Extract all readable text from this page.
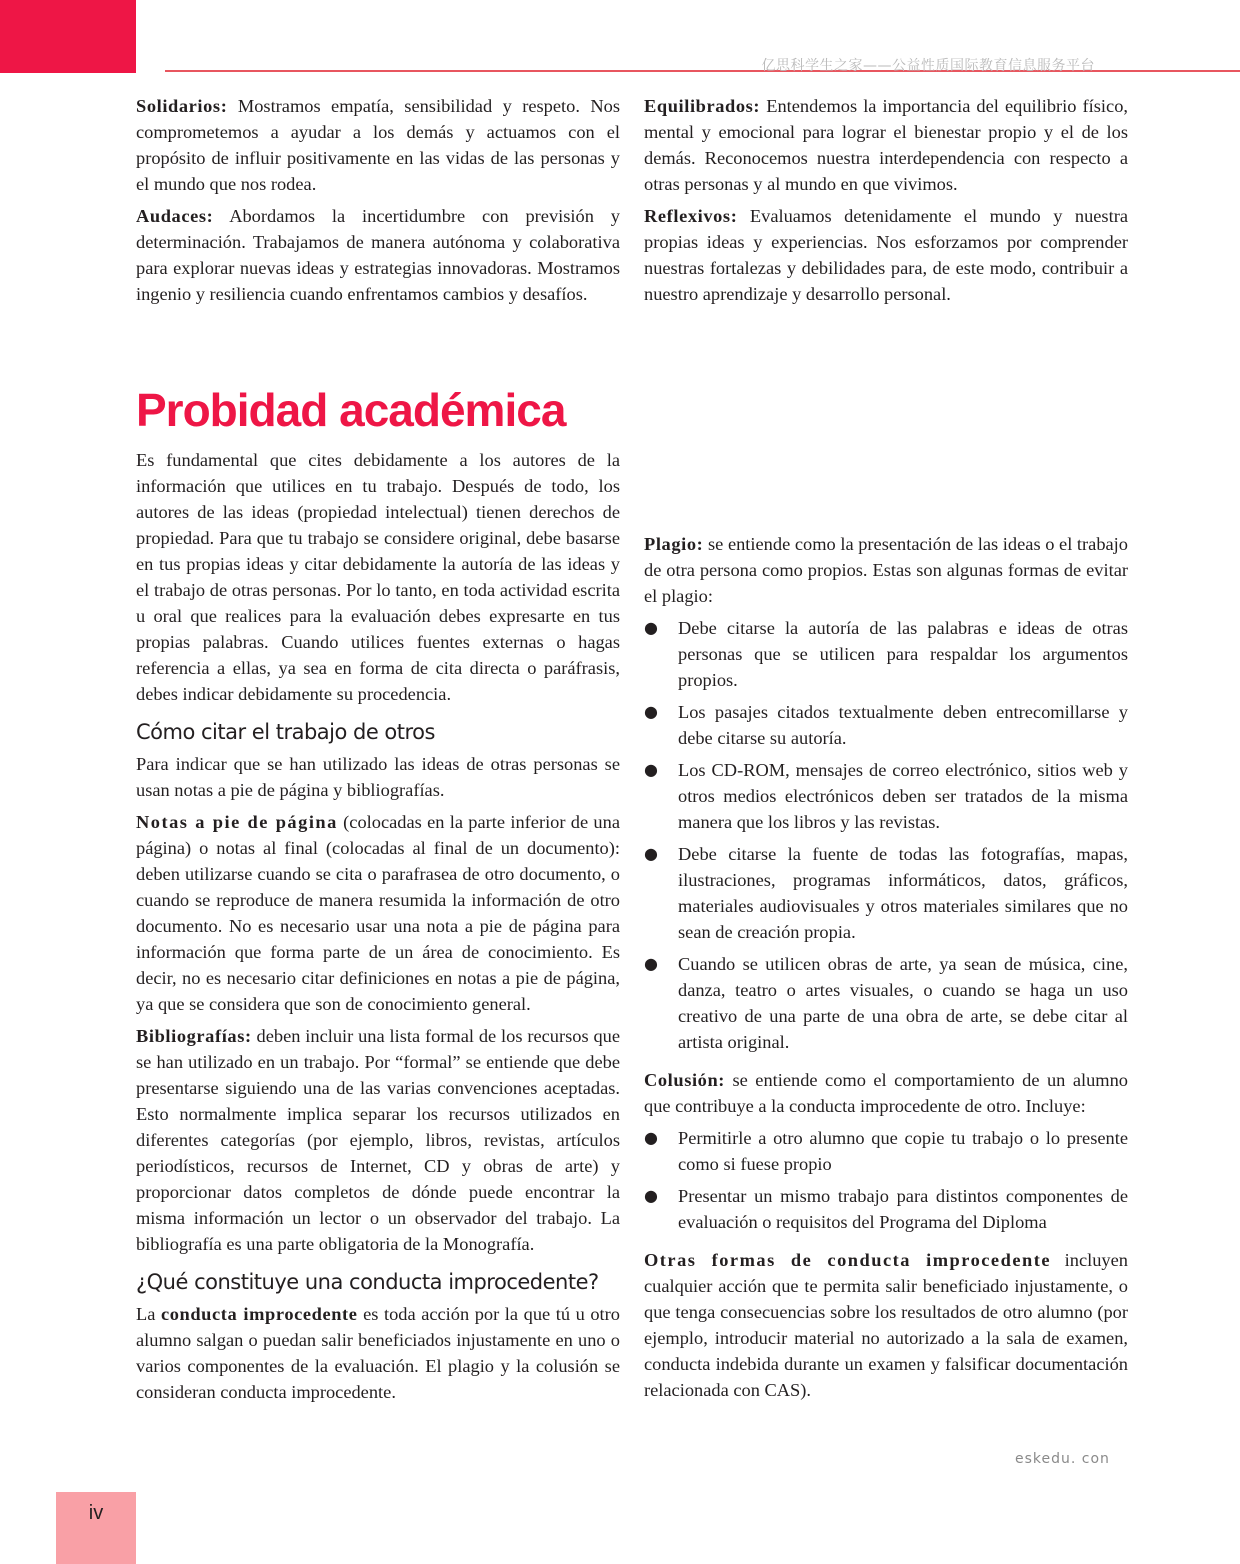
亿思科学生之家——公益性质国际教育信息服务平台

Solidarios: Mostramos empatía, sensibilidad y respeto. Nos comprometemos a ayudar a los demás y actuamos con el propósito de influir positivamente en las vidas de las personas y el mundo que nos rodea.

Audaces: Abordamos la incertidumbre con previsión y determinación. Trabajamos de manera autónoma y colaborativa para explorar nuevas ideas y estrategias innovadoras. Mostramos ingenio y resiliencia cuando enfrentamos cambios y desafíos.

Equilibrados: Entendemos la importancia del equilibrio físico, mental y emocional para lograr el bienestar propio y el de los demás. Reconocemos nuestra interdependencia con respecto a otras personas y al mundo en que vivimos.

Reflexivos: Evaluamos detenidamente el mundo y nuestra propias ideas y experiencias. Nos esforzamos por comprender nuestras fortalezas y debilidades para, de este modo, contribuir a nuestro aprendizaje y desarrollo personal.

Probidad académica

Es fundamental que cites debidamente a los autores de la información que utilices en tu trabajo. Después de todo, los autores de las ideas (propiedad intelectual) tienen derechos de propiedad. Para que tu trabajo se considere original, debe basarse en tus propias ideas y citar debidamente la autoría de las ideas y el trabajo de otras personas. Por lo tanto, en toda actividad escrita u oral que realices para la evaluación debes expresarte en tus propias palabras. Cuando utilices fuentes externas o hagas referencia a ellas, ya sea en forma de cita directa o paráfrasis, debes indicar debidamente su procedencia.

Cómo citar el trabajo de otros

Para indicar que se han utilizado las ideas de otras personas se usan notas a pie de página y bibliografías.

Notas a pie de página (colocadas en la parte inferior de una página) o notas al final (colocadas al final de un documento): deben utilizarse cuando se cita o parafrasea de otro documento, o cuando se reproduce de manera resumida la información de otro documento. No es necesario usar una nota a pie de página para información que forma parte de un área de conocimiento. Es decir, no es necesario citar definiciones en notas a pie de página, ya que se considera que son de conocimiento general.

Bibliografías: deben incluir una lista formal de los recursos que se han utilizado en un trabajo. Por “formal” se entiende que debe presentarse siguiendo una de las varias convenciones aceptadas. Esto normalmente implica separar los recursos utilizados en diferentes categorías (por ejemplo, libros, revistas, artículos periodísticos, recursos de Internet, CD y obras de arte) y proporcionar datos completos de dónde puede encontrar la misma información un lector o un observador del trabajo. La bibliografía es una parte obligatoria de la Monografía.

¿Qué constituye una conducta improcedente?

La conducta improcedente es toda acción por la que tú u otro alumno salgan o puedan salir beneficiados injustamente en uno o varios componentes de la evaluación. El plagio y la colusión se consideran conducta improcedente.

Plagio: se entiende como la presentación de las ideas o el trabajo de otra persona como propios. Estas son algunas formas de evitar el plagio:

● Debe citarse la autoría de las palabras e ideas de otras personas que se utilicen para respaldar los argumentos propios.
● Los pasajes citados textualmente deben entrecomillarse y debe citarse su autoría.
● Los CD-ROM, mensajes de correo electrónico, sitios web y otros medios electrónicos deben ser tratados de la misma manera que los libros y las revistas.
● Debe citarse la fuente de todas las fotografías, mapas, ilustraciones, programas informáticos, datos, gráficos, materiales audiovisuales y otros materiales similares que no sean de creación propia.
● Cuando se utilicen obras de arte, ya sean de música, cine, danza, teatro o artes visuales, o cuando se haga un uso creativo de una parte de una obra de arte, se debe citar al artista original.

Colusión: se entiende como el comportamiento de un alumno que contribuye a la conducta improcedente de otro. Incluye:

● Permitirle a otro alumno que copie tu trabajo o lo presente como si fuese propio
● Presentar un mismo trabajo para distintos componentes de evaluación o requisitos del Programa del Diploma

Otras formas de conducta improcedente incluyen cualquier acción que te permita salir beneficiado injustamente, o que tenga consecuencias sobre los resultados de otro alumno (por ejemplo, introducir material no autorizado a la sala de examen, conducta indebida durante un examen y falsificar documentación relacionada con CAS).

eskedu. con
iv
